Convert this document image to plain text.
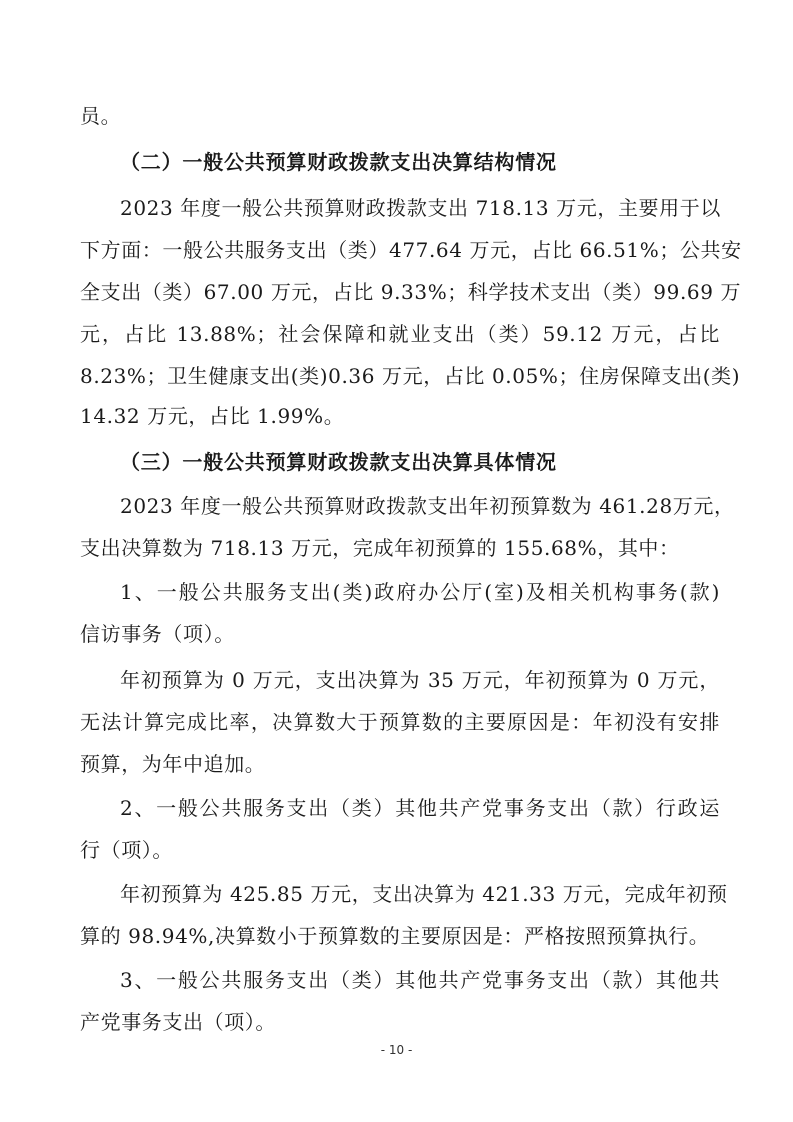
员。
（二）一般公共预算财政拨款支出决算结构情况
2023 年度一般公共预算财政拨款支出 718.13 万元，主要用于以
下方面：一般公共服务支出（类）477.64 万元，占比 66.51%；公共安
全支出（类）67.00 万元，占比 9.33%；科学技术支出（类）99.69 万
元，占比 13.88%；社会保障和就业支出（类）59.12 万元，占比
8.23%；卫生健康支出(类)0.36 万元，占比 0.05%；住房保障支出(类)
14.32 万元，占比 1.99%。
（三）一般公共预算财政拨款支出决算具体情况
2023 年度一般公共预算财政拨款支出年初预算数为 461.28万元，
支出决算数为 718.13 万元，完成年初预算的 155.68%，其中：
1、一般公共服务支出(类)政府办公厅(室)及相关机构事务(款)
信访事务（项）。
年初预算为 0 万元，支出决算为 35 万元，年初预算为 0 万元，
无法计算完成比率，决算数大于预算数的主要原因是：年初没有安排
预算，为年中追加。
2、一般公共服务支出（类）其他共产党事务支出（款）行政运
行（项）。
年初预算为 425.85 万元，支出决算为 421.33 万元，完成年初预
算的 98.94%,决算数小于预算数的主要原因是：严格按照预算执行。
3、一般公共服务支出（类）其他共产党事务支出（款）其他共
产党事务支出（项）。
- 10 -
